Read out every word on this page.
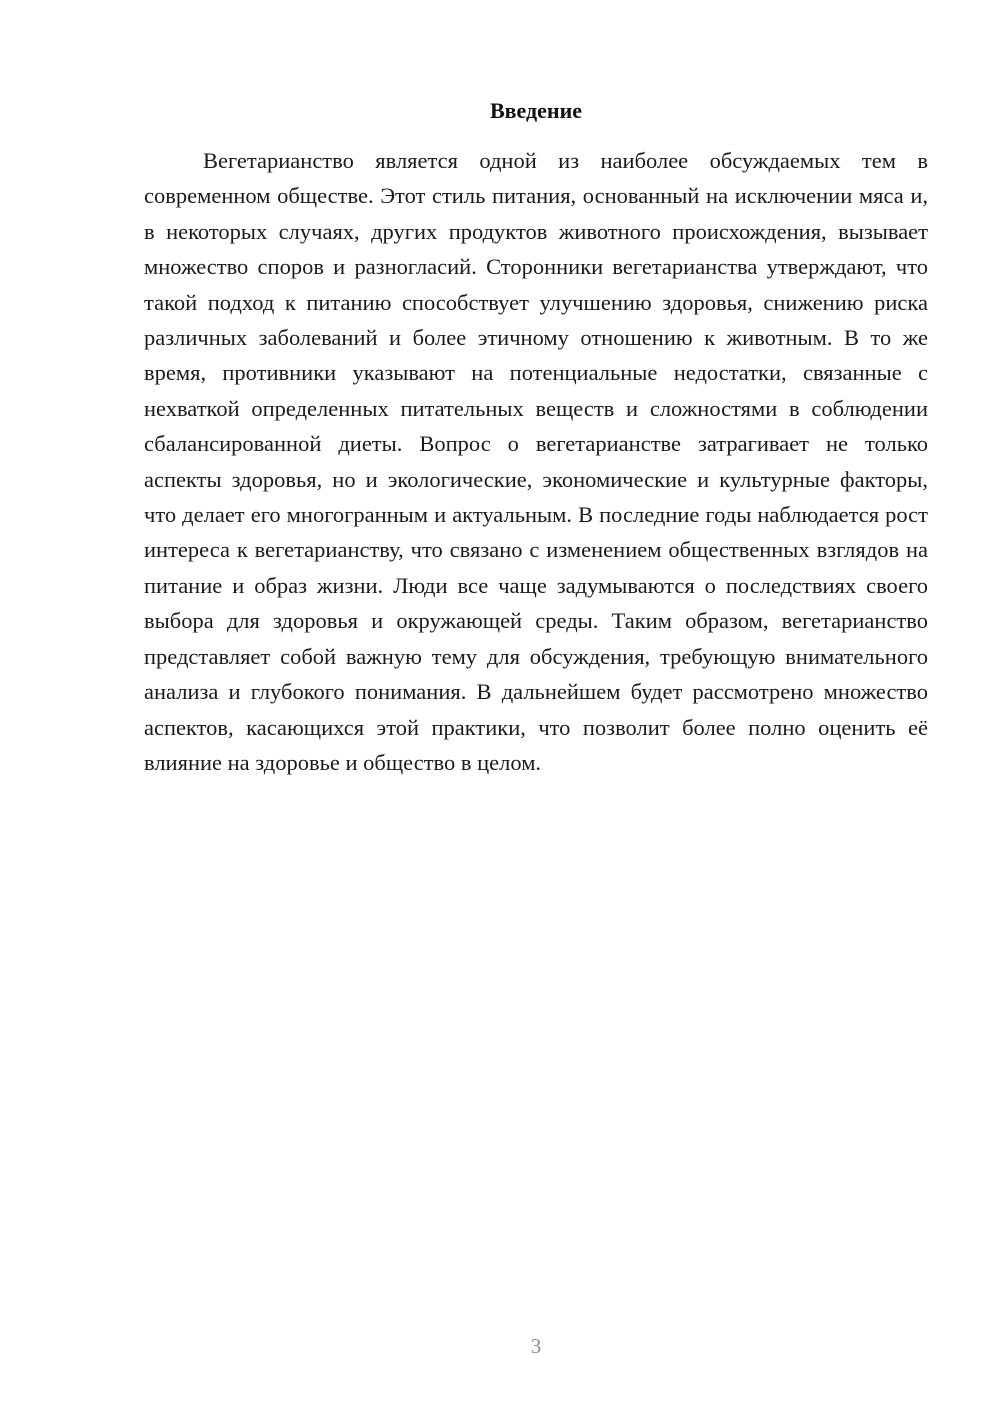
Введение

Вегетарианство является одной из наиболее обсуждаемых тем в современном обществе. Этот стиль питания, основанный на исключении мяса и, в некоторых случаях, других продуктов животного происхождения, вызывает множество споров и разногласий. Сторонники вегетарианства утверждают, что такой подход к питанию способствует улучшению здоровья, снижению риска различных заболеваний и более этичному отношению к животным. В то же время, противники указывают на потенциальные недостатки, связанные с нехваткой определенных питательных веществ и сложностями в соблюдении сбалансированной диеты. Вопрос о вегетарианстве затрагивает не только аспекты здоровья, но и экологические, экономические и культурные факторы, что делает его многогранным и актуальным. В последние годы наблюдается рост интереса к вегетарианству, что связано с изменением общественных взглядов на питание и образ жизни. Люди все чаще задумываются о последствиях своего выбора для здоровья и окружающей среды. Таким образом, вегетарианство представляет собой важную тему для обсуждения, требующую внимательного анализа и глубокого понимания. В дальнейшем будет рассмотрено множество аспектов, касающихся этой практики, что позволит более полно оценить её влияние на здоровье и общество в целом.

3
